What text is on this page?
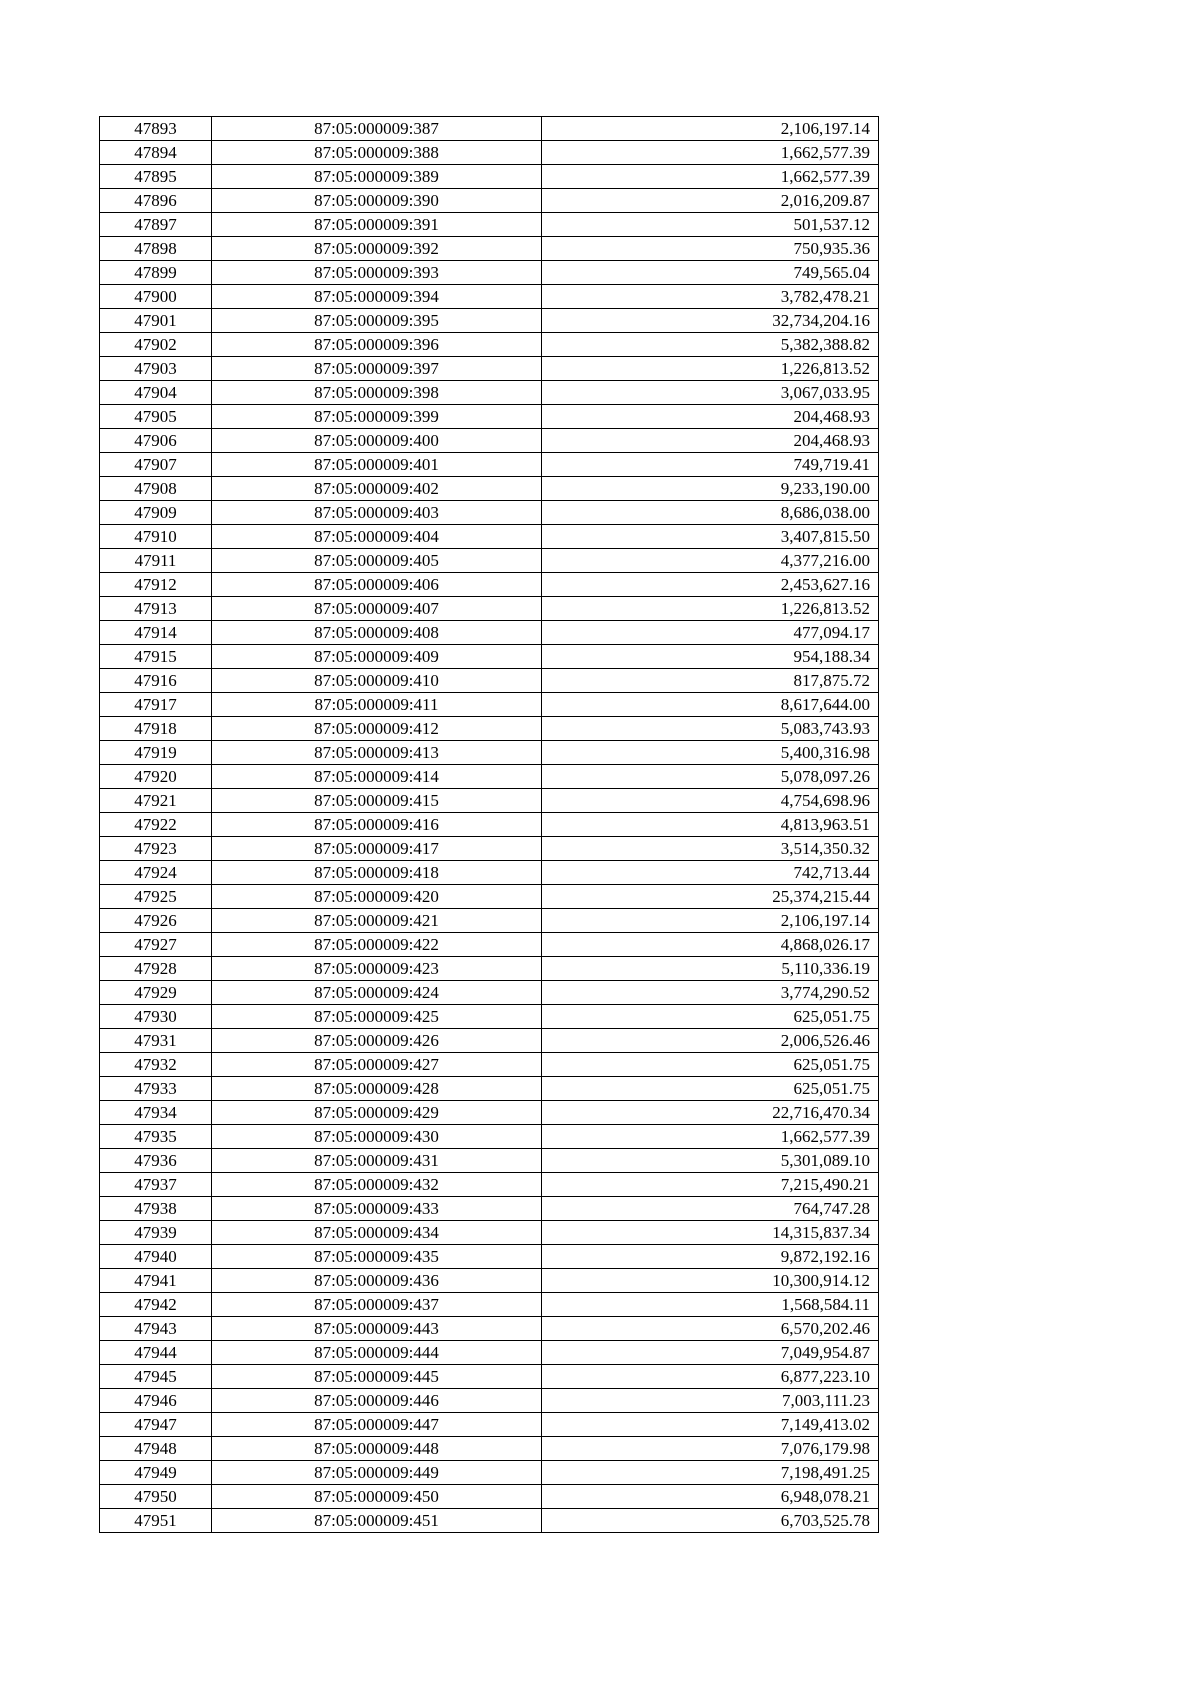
47893	87:05:000009:387	2,106,197.14
47894	87:05:000009:388	1,662,577.39
47895	87:05:000009:389	1,662,577.39
47896	87:05:000009:390	2,016,209.87
47897	87:05:000009:391	501,537.12
47898	87:05:000009:392	750,935.36
47899	87:05:000009:393	749,565.04
47900	87:05:000009:394	3,782,478.21
47901	87:05:000009:395	32,734,204.16
47902	87:05:000009:396	5,382,388.82
47903	87:05:000009:397	1,226,813.52
47904	87:05:000009:398	3,067,033.95
47905	87:05:000009:399	204,468.93
47906	87:05:000009:400	204,468.93
47907	87:05:000009:401	749,719.41
47908	87:05:000009:402	9,233,190.00
47909	87:05:000009:403	8,686,038.00
47910	87:05:000009:404	3,407,815.50
47911	87:05:000009:405	4,377,216.00
47912	87:05:000009:406	2,453,627.16
47913	87:05:000009:407	1,226,813.52
47914	87:05:000009:408	477,094.17
47915	87:05:000009:409	954,188.34
47916	87:05:000009:410	817,875.72
47917	87:05:000009:411	8,617,644.00
47918	87:05:000009:412	5,083,743.93
47919	87:05:000009:413	5,400,316.98
47920	87:05:000009:414	5,078,097.26
47921	87:05:000009:415	4,754,698.96
47922	87:05:000009:416	4,813,963.51
47923	87:05:000009:417	3,514,350.32
47924	87:05:000009:418	742,713.44
47925	87:05:000009:420	25,374,215.44
47926	87:05:000009:421	2,106,197.14
47927	87:05:000009:422	4,868,026.17
47928	87:05:000009:423	5,110,336.19
47929	87:05:000009:424	3,774,290.52
47930	87:05:000009:425	625,051.75
47931	87:05:000009:426	2,006,526.46
47932	87:05:000009:427	625,051.75
47933	87:05:000009:428	625,051.75
47934	87:05:000009:429	22,716,470.34
47935	87:05:000009:430	1,662,577.39
47936	87:05:000009:431	5,301,089.10
47937	87:05:000009:432	7,215,490.21
47938	87:05:000009:433	764,747.28
47939	87:05:000009:434	14,315,837.34
47940	87:05:000009:435	9,872,192.16
47941	87:05:000009:436	10,300,914.12
47942	87:05:000009:437	1,568,584.11
47943	87:05:000009:443	6,570,202.46
47944	87:05:000009:444	7,049,954.87
47945	87:05:000009:445	6,877,223.10
47946	87:05:000009:446	7,003,111.23
47947	87:05:000009:447	7,149,413.02
47948	87:05:000009:448	7,076,179.98
47949	87:05:000009:449	7,198,491.25
47950	87:05:000009:450	6,948,078.21
47951	87:05:000009:451	6,703,525.78
